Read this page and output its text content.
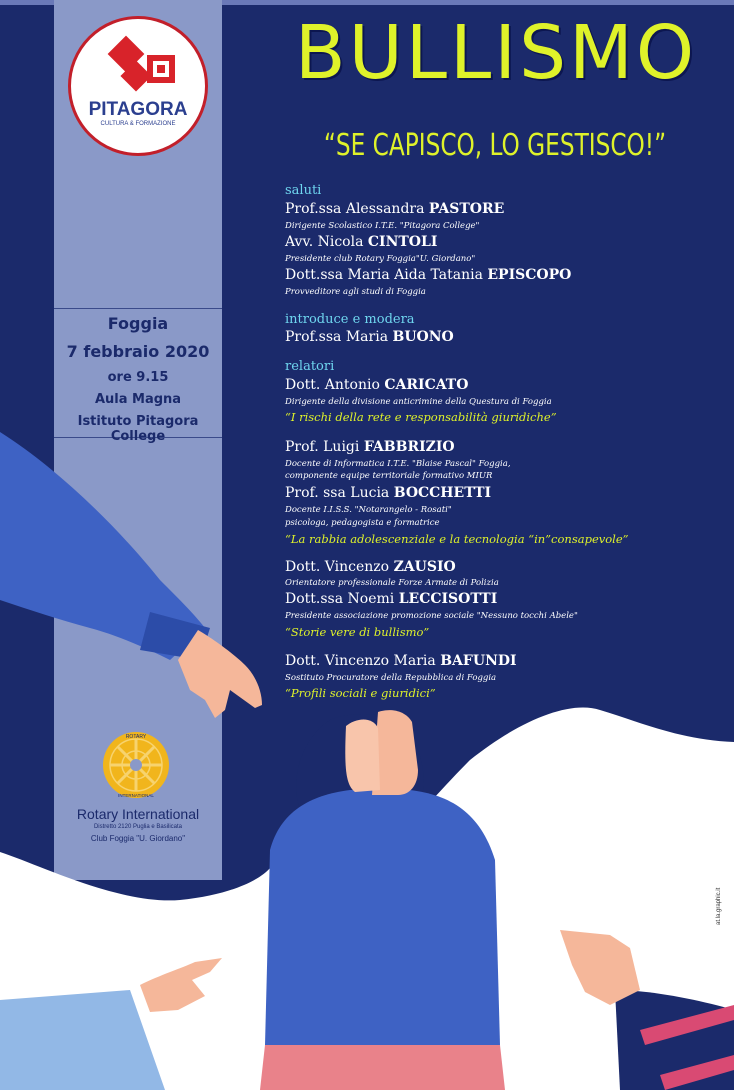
PITAGORA
CULTURA & FORMAZIONE
Foggia
7 febbraio 2020
ore 9.15
Aula Magna
Istituto Pitagora College
ROTARY
INTERNATIONAL
Rotary International
Distretto 2120 Puglia e Basilicata
Club Foggia "U. Giordano"
BULLISMO
“SE CAPISCO, LO GESTISCO!”
saluti
Prof.ssa Alessandra PASTORE
Dirigente Scolastico I.T.E. "Pitagora College"
Avv. Nicola CINTOLI
Presidente club Rotary Foggia"U. Giordano"
Dott.ssa Maria Aida Tatania EPISCOPO
Provveditore agli studi di Foggia
introduce e modera
Prof.ssa Maria BUONO
relatori
Dott. Antonio CARICATO
Dirigente della divisione anticrimine della Questura di Foggia
“I rischi della rete e responsabilità giuridiche”
Prof. Luigi FABBRIZIO
Docente di Informatica I.T.E. "Blaise Pascal" Foggia,
componente equipe territoriale formativo MIUR
Prof. ssa Lucia BOCCHETTI
Docente I.I.S.S. "Notarangelo - Rosati"
psicologa, pedagogista e formatrice
“La rabbia adolescenziale e la tecnologia “in”consapevole”
Dott. Vincenzo ZAUSIO
Orientatore professionale Forze Armate di Polizia
Dott.ssa Noemi LECCISOTTI
Presidente associazione promozione sociale "Nessuno tocchi Abele"
“Storie vere di bullismo”
Dott. Vincenzo Maria BAFUNDI
Sostituto Procuratore della Repubblica di Foggia
“Profili sociali e giuridici”
at.la.graphic.it
